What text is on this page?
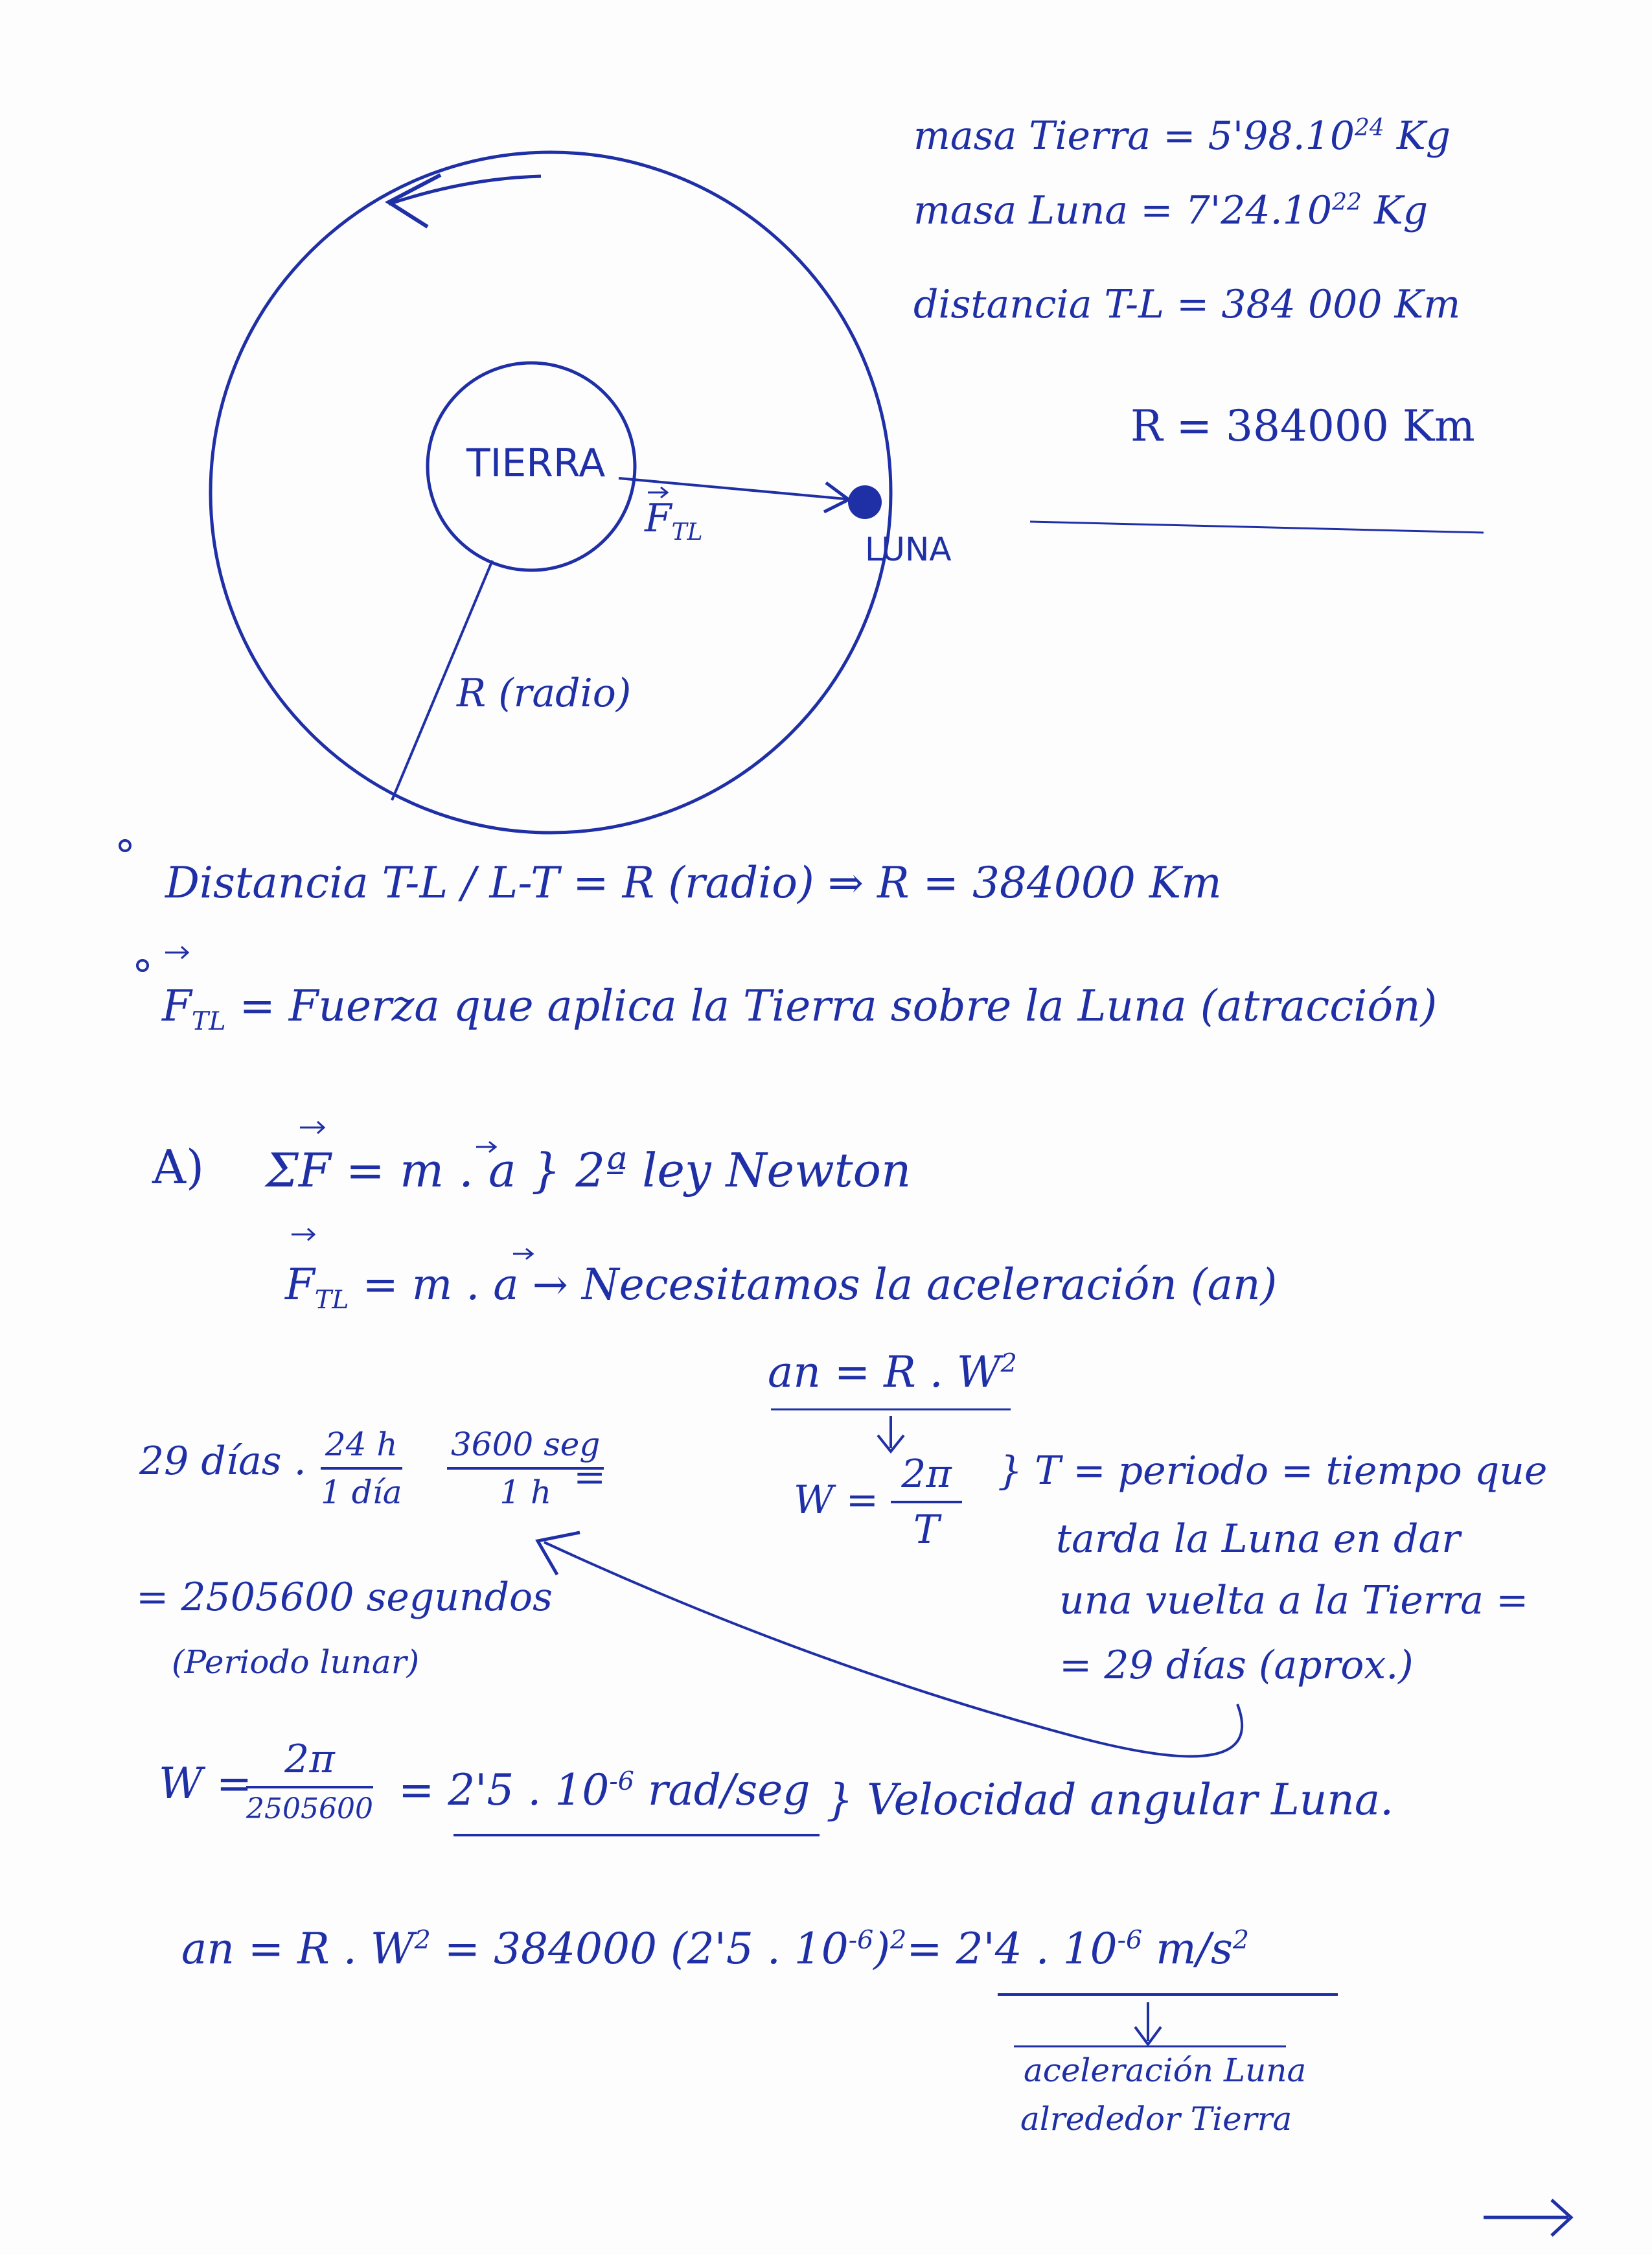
TIERRA
LUNA
$F_{TL}$
R (radio)
masa Tierra = $5'98.10^{24}$ Kg
masa Luna = $7'24.10^{22}$ Kg
distancia T-L = 384 000 Km
R = 384000 Km
Distancia T-L / L-T = R (radio) ⇒ R = 384000 Km
$F_{TL}$ = Fuerza que aplica la Tierra sobre la Luna (atracción)
A) ΣF = m . a } 2ª ley Newton
$F_{TL} = m$ . a → Necesitamos la aceleración (an)
an = R . $W^2$
29 días . 24 h
1 día
3600 seg
1 h =
= 2505600 segundos
(Periodo lunar)
$W = \frac{2\pi}{T}$ } T = periodo = tiempo que
tarda la Luna en dar
una vuelta a la Tierra =
= 29 días (aprox.)
W = 2π
2505600 = 2'5 . $10^{-6}$ rad/seg } Velocidad angular Luna.
an = R . $W^2 = 384000$ (2'5 . $10^{-6})^2= 2'4$ . $10^{-6}$ $m/s^2$
aceleración Luna
alrededor Tierra
